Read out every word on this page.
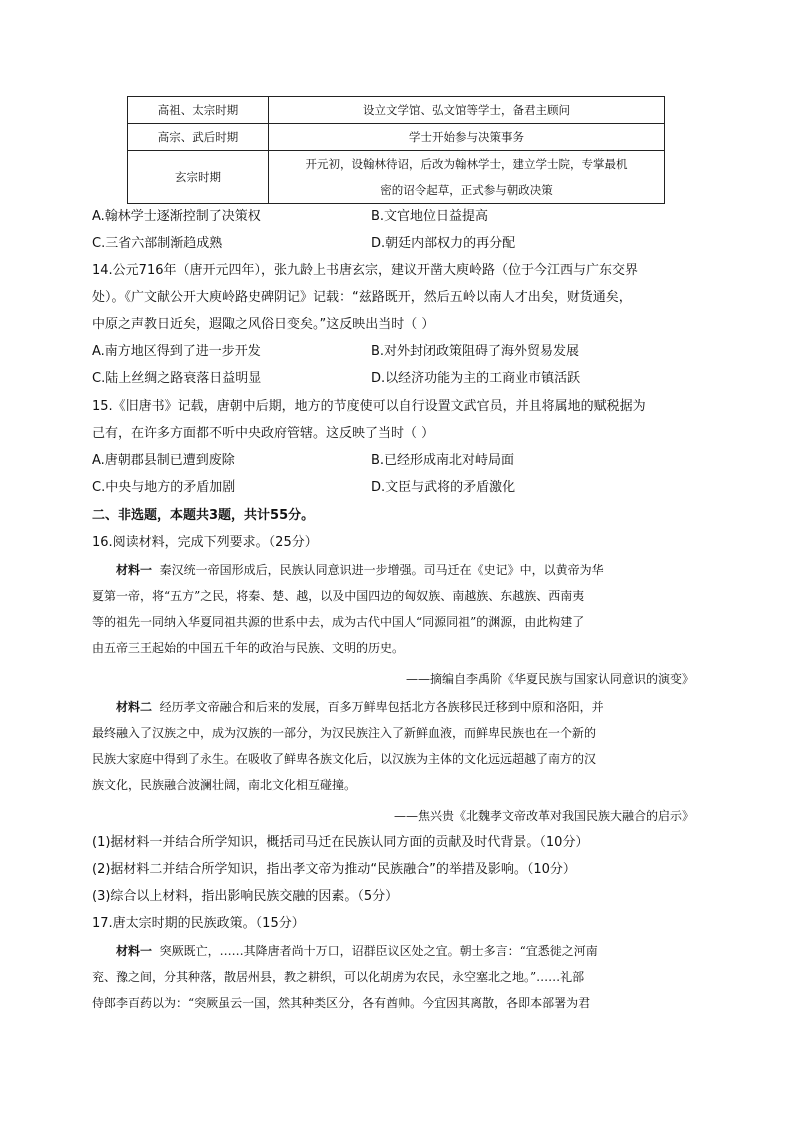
高祖、太宗时期	设立文学馆、弘文馆等学士，备君主顾问
高宗、武后时期	学士开始参与决策事务
玄宗时期	开元初，设翰林待诏，后改为翰林学士，建立学士院，专掌最机
密的诏令起草，正式参与朝政决策
A.翰林学士逐渐控制了决策权	B.文官地位日益提高
C.三省六部制渐趋成熟	D.朝廷内部权力的再分配
14.公元716年（唐开元四年），张九龄上书唐玄宗，建议开凿大庾岭路（位于今江西与广东交界
处）。《广文献公开大庾岭路史碑阴记》记载：“兹路既开，然后五岭以南人才出矣，财货通矣，
中原之声教日近矣，遐陬之风俗日变矣。”这反映出当时（ ）
A.南方地区得到了进一步开发	B.对外封闭政策阻碍了海外贸易发展
C.陆上丝绸之路衰落日益明显	D.以经济功能为主的工商业市镇活跃
15.《旧唐书》记载，唐朝中后期，地方的节度使可以自行设置文武官员，并且将属地的赋税据为
己有，在许多方面都不听中央政府管辖。这反映了当时（ ）
A.唐朝郡县制已遭到废除	B.已经形成南北对峙局面
C.中央与地方的矛盾加剧	D.文臣与武将的矛盾激化
二、非选题，本题共3题，共计55分。
16.阅读材料，完成下列要求。（25分）
材料一 秦汉统一帝国形成后，民族认同意识进一步增强。司马迁在《史记》中，以黄帝为华
夏第一帝，将“五方”之民，将秦、楚、越，以及中国四边的匈奴族、南越族、东越族、西南夷
等的祖先一同纳入华夏同祖共源的世系中去，成为古代中国人“同源同祖”的渊源，由此构建了
由五帝三王起始的中国五千年的政治与民族、文明的历史。
——摘编自李禹阶《华夏民族与国家认同意识的演变》
材料二 经历孝文帝融合和后来的发展，百多万鲜卑包括北方各族移民迁移到中原和洛阳，并
最终融入了汉族之中，成为汉族的一部分，为汉民族注入了新鲜血液，而鲜卑民族也在一个新的
民族大家庭中得到了永生。在吸收了鲜卑各族文化后，以汉族为主体的文化远远超越了南方的汉
族文化，民族融合波澜壮阔，南北文化相互碰撞。
——焦兴贵《北魏孝文帝改革对我国民族大融合的启示》
(1)据材料一并结合所学知识，概括司马迁在民族认同方面的贡献及时代背景。（10分）
(2)据材料二并结合所学知识，指出孝文帝为推动“民族融合”的举措及影响。（10分）
(3)综合以上材料，指出影响民族交融的因素。（5分）
17.唐太宗时期的民族政策。（15分）
材料一 突厥既亡，……其降唐者尚十万口，诏群臣议区处之宜。朝士多言：“宜悉徙之河南
兖、豫之间，分其种落，散居州县，教之耕织，可以化胡虏为农民，永空塞北之地。”……礼部
侍郎李百药以为：“突厥虽云一国，然其种类区分，各有酋帅。今宜因其离散，各即本部署为君
